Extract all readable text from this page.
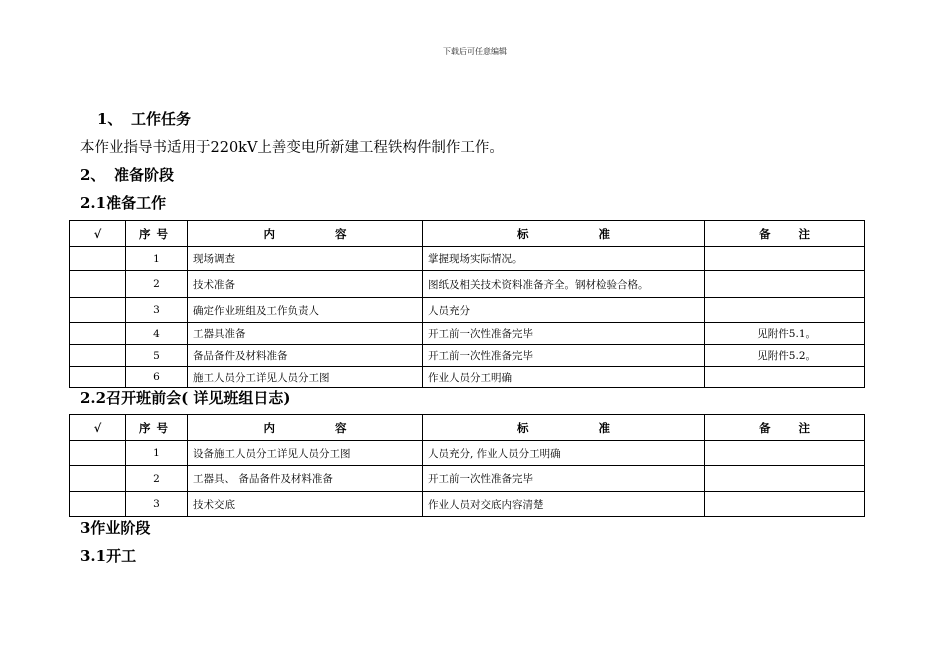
下载后可任意编辑
1、 工作任务
本作业指导书适用于220kV上善变电所新建工程铁构件制作工作。
2、 准备阶段
2.1准备工作
√	序号	内容	标准	备注
	1	现场调查	掌握现场实际情况。	
	2	技术准备	图纸及相关技术资料准备齐全。钢材检验合格。	
	3	确定作业班组及工作负责人	人员充分	
	4	工器具准备	开工前一次性准备完毕	见附件5.1。
	5	备品备件及材料准备	开工前一次性准备完毕	见附件5.2。
	6	施工人员分工详见人员分工图	作业人员分工明确	
2.2召开班前会( 详见班组日志)
√	序号	内容	标准	备注
	1	设备施工人员分工详见人员分工图	人员充分, 作业人员分工明确	
	2	工器具、 备品备件及材料准备	开工前一次性准备完毕	
	3	技术交底	作业人员对交底内容清楚	
3作业阶段
3.1开工
